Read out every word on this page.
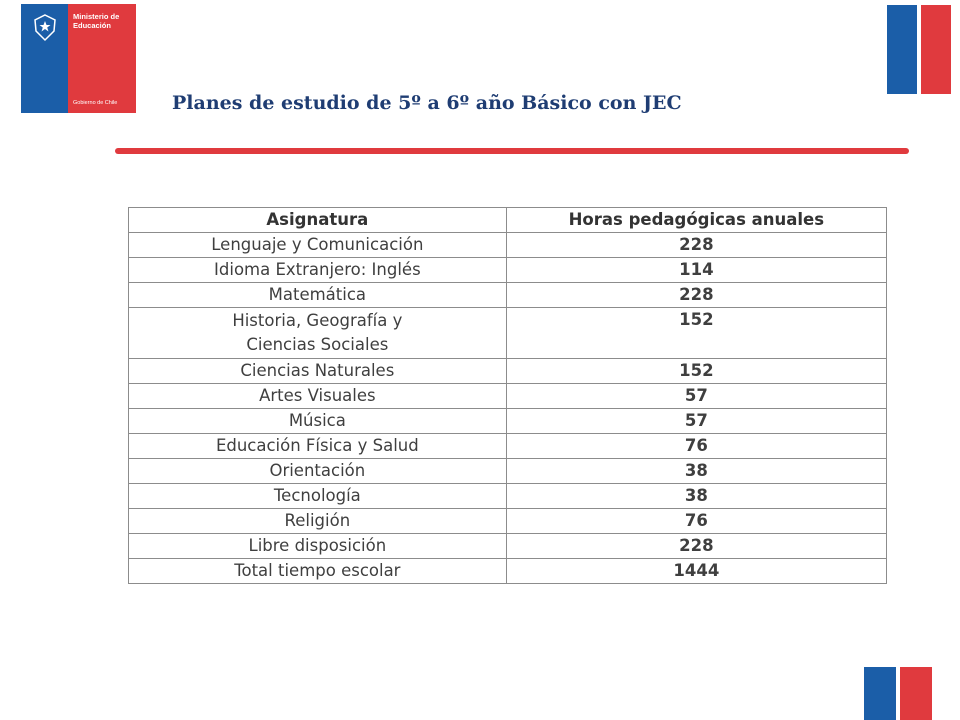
Ministerio de
Educación
Gobierno de Chile	Planes de estudio de 5º a 6º año Básico con JEC
Asignatura	Horas pedagógicas anuales
Lenguaje y Comunicación	228
Idioma Extranjero: Inglés	114
Matemática	228
Historia, Geografía y Ciencias Sociales	152
Ciencias Naturales	152
Artes Visuales	57
Música	57
Educación Física y Salud	76
Orientación	38
Tecnología	38
Religión	76
Libre disposición	228
Total tiempo escolar	1444
